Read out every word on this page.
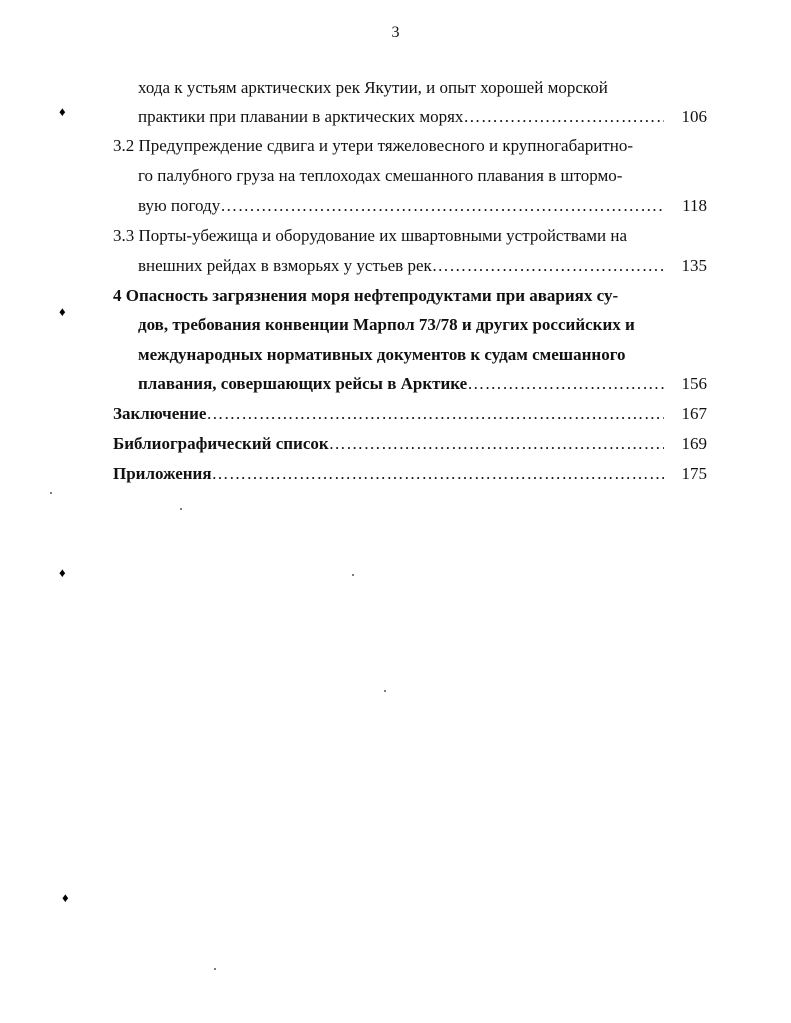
3
хода к устьям арктических рек Якутии, и опыт хорошей морской
практики при плавании в арктических морях ……………………………………………………………………………………………………………………………………………………………	106
3.2 Предупреждение сдвига и утери тяжеловесного и крупногабаритно-
го палубного груза на теплоходах смешанного плавания в штормо-
вую погоду ……………………………………………………………………………………………………………………………………………………………	118
3.3 Порты-убежища и оборудование их швартовными устройствами на
внешних рейдах в взморьях у устьев рек ……………………………………………………………………………………………………………………………………………………………	135
4 Опасность загрязнения моря нефтепродуктами при авариях су-
дов, требования конвенции Марпол 73/78 и других российских и
международных нормативных документов к судам смешанного
плавания, совершающих рейсы в Арктике ……………………………………………………………………………………………………………………………………………………………	156
Заключение ……………………………………………………………………………………………………………………………………………………………	167
Библиографический список ……………………………………………………………………………………………………………………………………………………………	169
Приложения ……………………………………………………………………………………………………………………………………………………………	175
♦
♦
♦
♦
